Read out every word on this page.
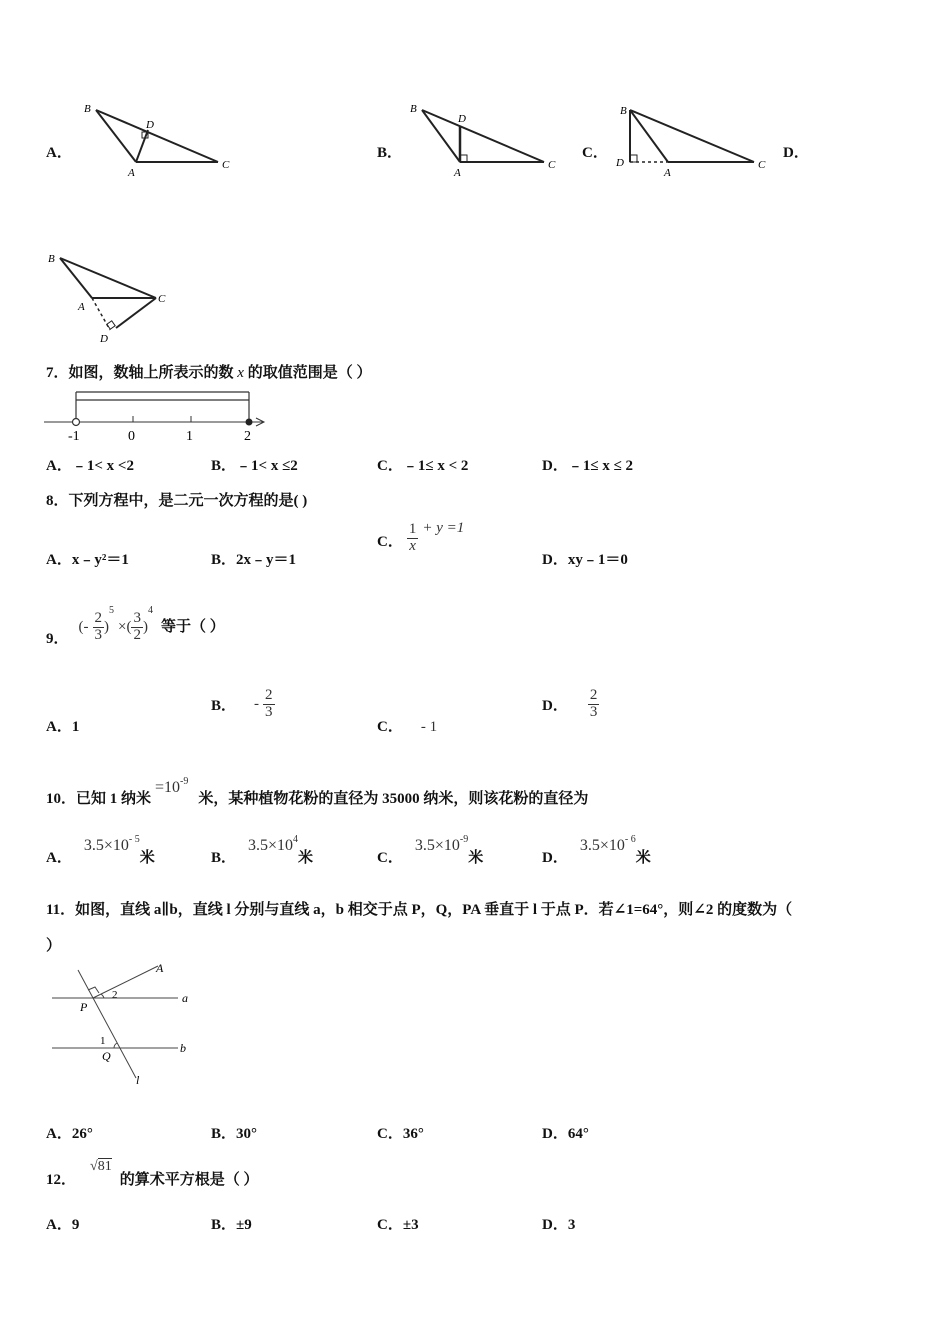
A．
B
D
A
C
B．
B
D
A
C
C．
B
D
A
C
D．
B
A
C
D
7．如图，数轴上所表示的数 x 的取值范围是（ ）
-1	0	1	2
A．﹣1< x <2	B．﹣1< x ≤2	C．﹣1≤ x < 2	D．﹣1≤ x ≤ 2
8．下列方程中，是二元一次方程的是( )
A．x﹣y²＝1	B．2x﹣y＝1
C． $\frac{1}{x} + y =1$
D．xy﹣1＝0
9． (- $\frac{2}{3} )^5$ ×( $\frac{3}{2} )^4$ 等于（ ）
A．1
B． - $\frac{2}{3}$
C． - 1
D． $\frac{2}{3}$
10．已知 1 纳米$=10^{-9}$米，某种植物花粉的直径为 35000 纳米，则该花粉的直径为
A．$3.5\times 10^{- 5}$米	B．$3.5\times 10^4$米	C．$3.5\times 10^{-9}$米	D．$3.5\times 10^{- 6}$米
11．如图，直线 a∥b，直线 l 分别与直线 a，b 相交于点 P，Q，PA 垂直于 l 于点 P．若∠1=64°，则∠2 的度数为（
）
A
2
P
a
1
Q
b
l
A．26°	B．30°	C．36°	D．64°
12． √81 的算术平方根是（ ）
A．9	B．±9	C．±3	D．3
